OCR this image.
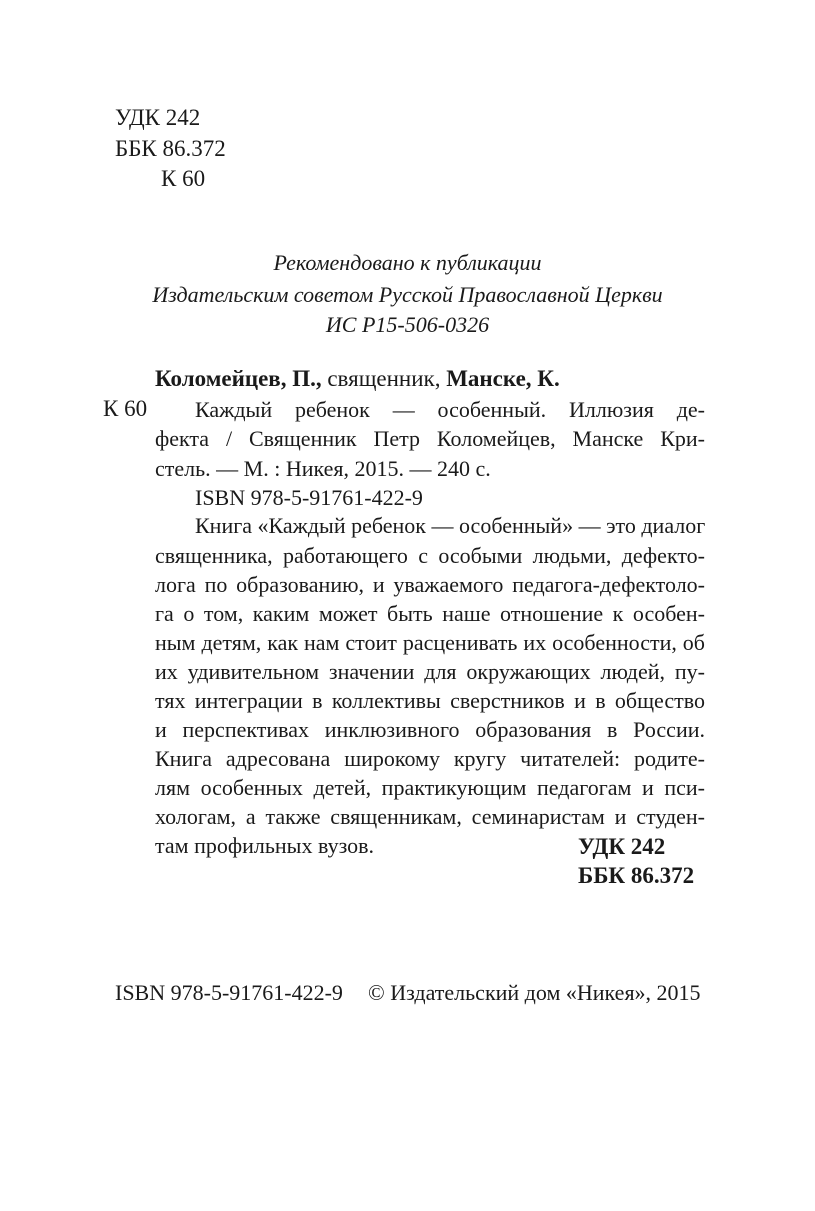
УДК 242
ББК 86.372
К 60
Рекомендовано к публикации
Издательским советом Русской Православной Церкви
ИС Р15-506-0326
Коломейцев, П., священник, Манске, К.
К 60 Каждый ребенок — особенный. Иллюзия де-
фекта / Священник Петр Коломейцев, Манске Кри-
стель. — М. : Никея, 2015. — 240 с.
ISBN 978-5-91761-422-9
Книга «Каждый ребенок — особенный» — это диалог
священника, работающего с особыми людьми, дефекто-
лога по образованию, и уважаемого педагога-дефектоло-
га о том, каким может быть наше отношение к особен-
ным детям, как нам стоит расценивать их особенности, об
их удивительном значении для окружающих людей, пу-
тях интеграции в коллективы сверстников и в общество
и перспективах инклюзивного образования в России.
Книга адресована широкому кругу читателей: родите-
лям особенных детей, практикующим педагогам и пси-
хологам, а также священникам, семинаристам и студен-
там профильных вузов.	УДК 242
ББК 86.372
ISBN 978-5-91761-422-9 © Издательский дом «Никея», 2015
